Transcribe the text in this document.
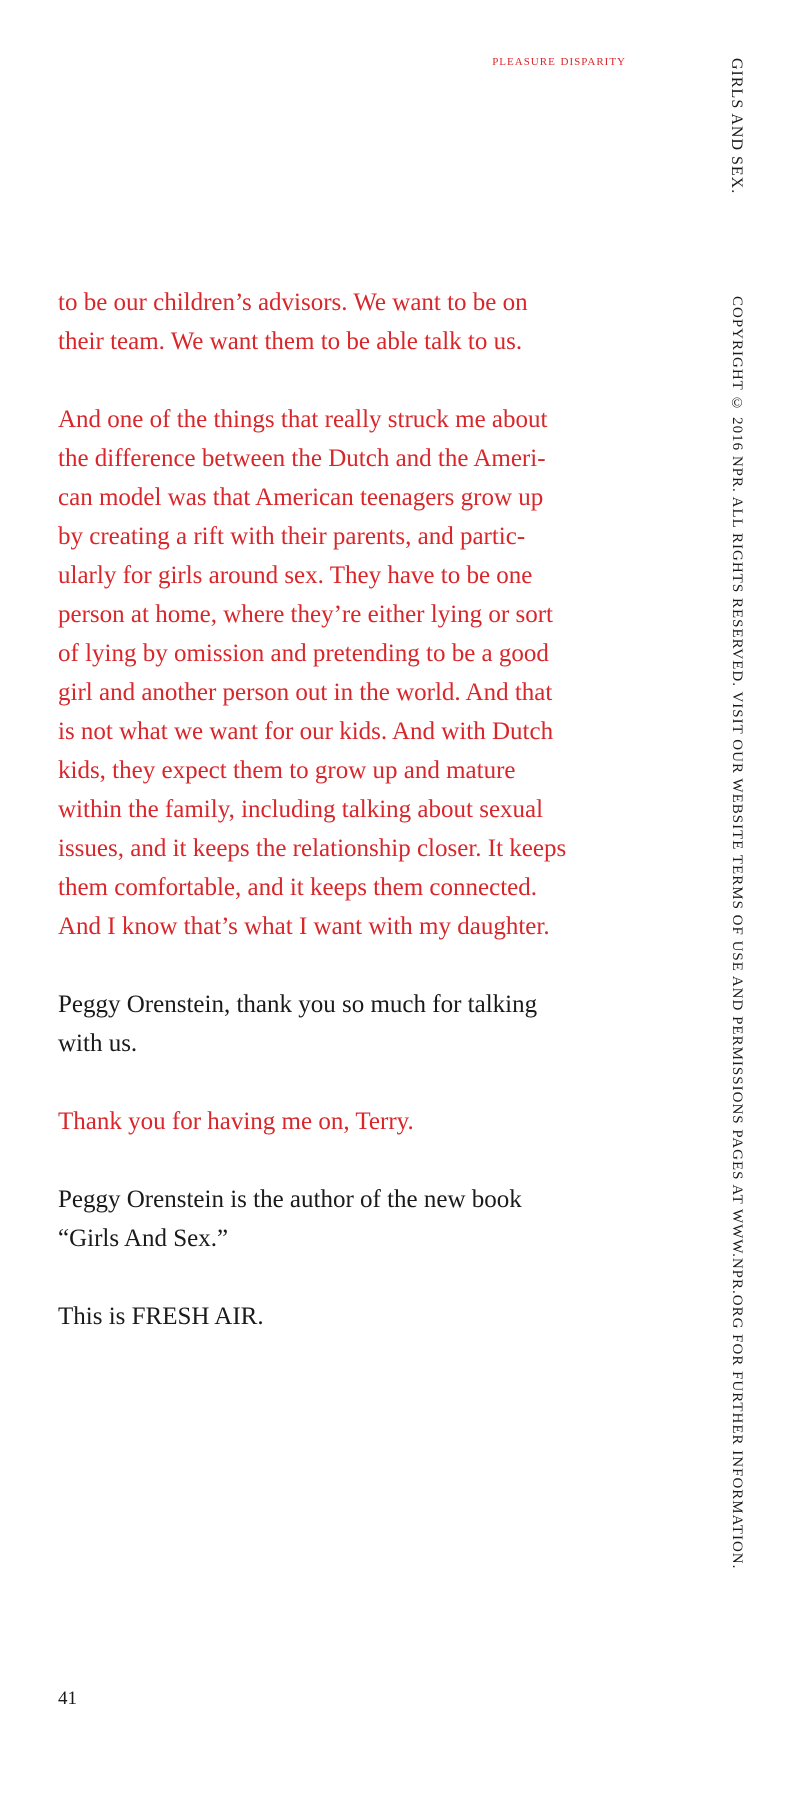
pleasure disparity	GIRLS AND SEX.
COPYRIGHT © 2016 NPR. ALL RIGHTS RESERVED. VISIT OUR WEBSITE TERMS OF USE AND PERMISSIONS PAGES AT WWW.NPR.ORG FOR FURTHER INFORMATION.

to be our children’s advisors. We want to be on
their team. We want them to be able talk to us.

And one of the things that really struck me about
the difference between the Dutch and the Ameri-
can model was that American teenagers grow up
by creating a rift with their parents, and partic-
ularly for girls around sex. They have to be one
person at home, where they’re either lying or sort
of lying by omission and pretending to be a good
girl and another person out in the world. And that
is not what we want for our kids. And with Dutch
kids, they expect them to grow up and mature
within the family, including talking about sexual
issues, and it keeps the relationship closer. It keeps
them comfortable, and it keeps them connected.
And I know that’s what I want with my daughter.

Peggy Orenstein, thank you so much for talking
with us.

Thank you for having me on, Terry.

Peggy Orenstein is the author of the new book
“Girls And Sex.”

This is FRESH AIR.

41
